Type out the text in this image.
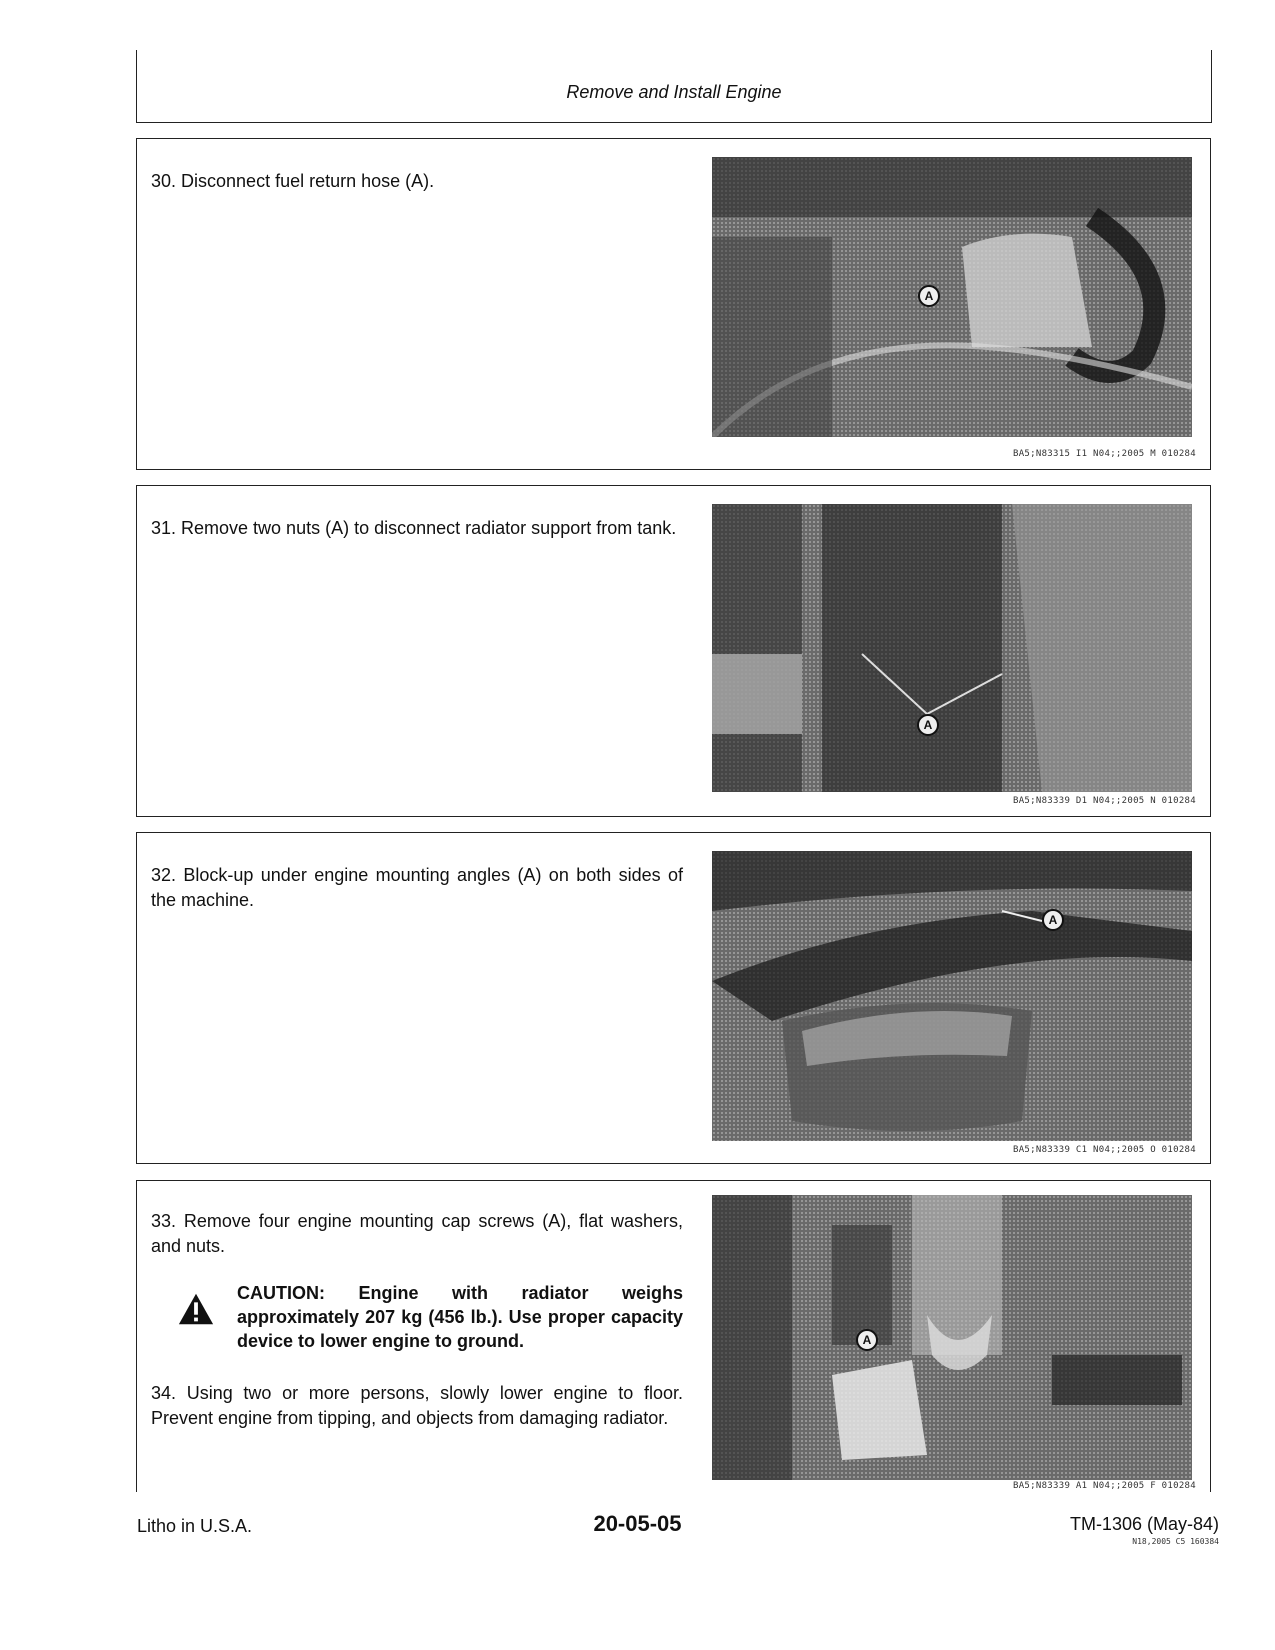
Remove and Install Engine
30. Disconnect fuel return hose (A).
A
BA5;N83315 I1 N04;;2005 M 010284
31. Remove two nuts (A) to disconnect radiator support from tank.
A
BA5;N83339 D1 N04;;2005 N 010284
32. Block-up under engine mounting angles (A) on both sides of the machine.
A
BA5;N83339 C1 N04;;2005 O 010284
33. Remove four engine mounting cap screws (A), flat washers, and nuts.
CAUTION: Engine with radiator weighs approximately 207 kg (456 lb.). Use proper capacity device to lower engine to ground.
34. Using two or more persons, slowly lower engine to floor. Prevent engine from tipping, and objects from damaging radiator.
A
BA5;N83339 A1 N04;;2005 F 010284
Litho in U.S.A.	20-05-05	TM-1306 (May-84)
N18,2005 C5 160384
